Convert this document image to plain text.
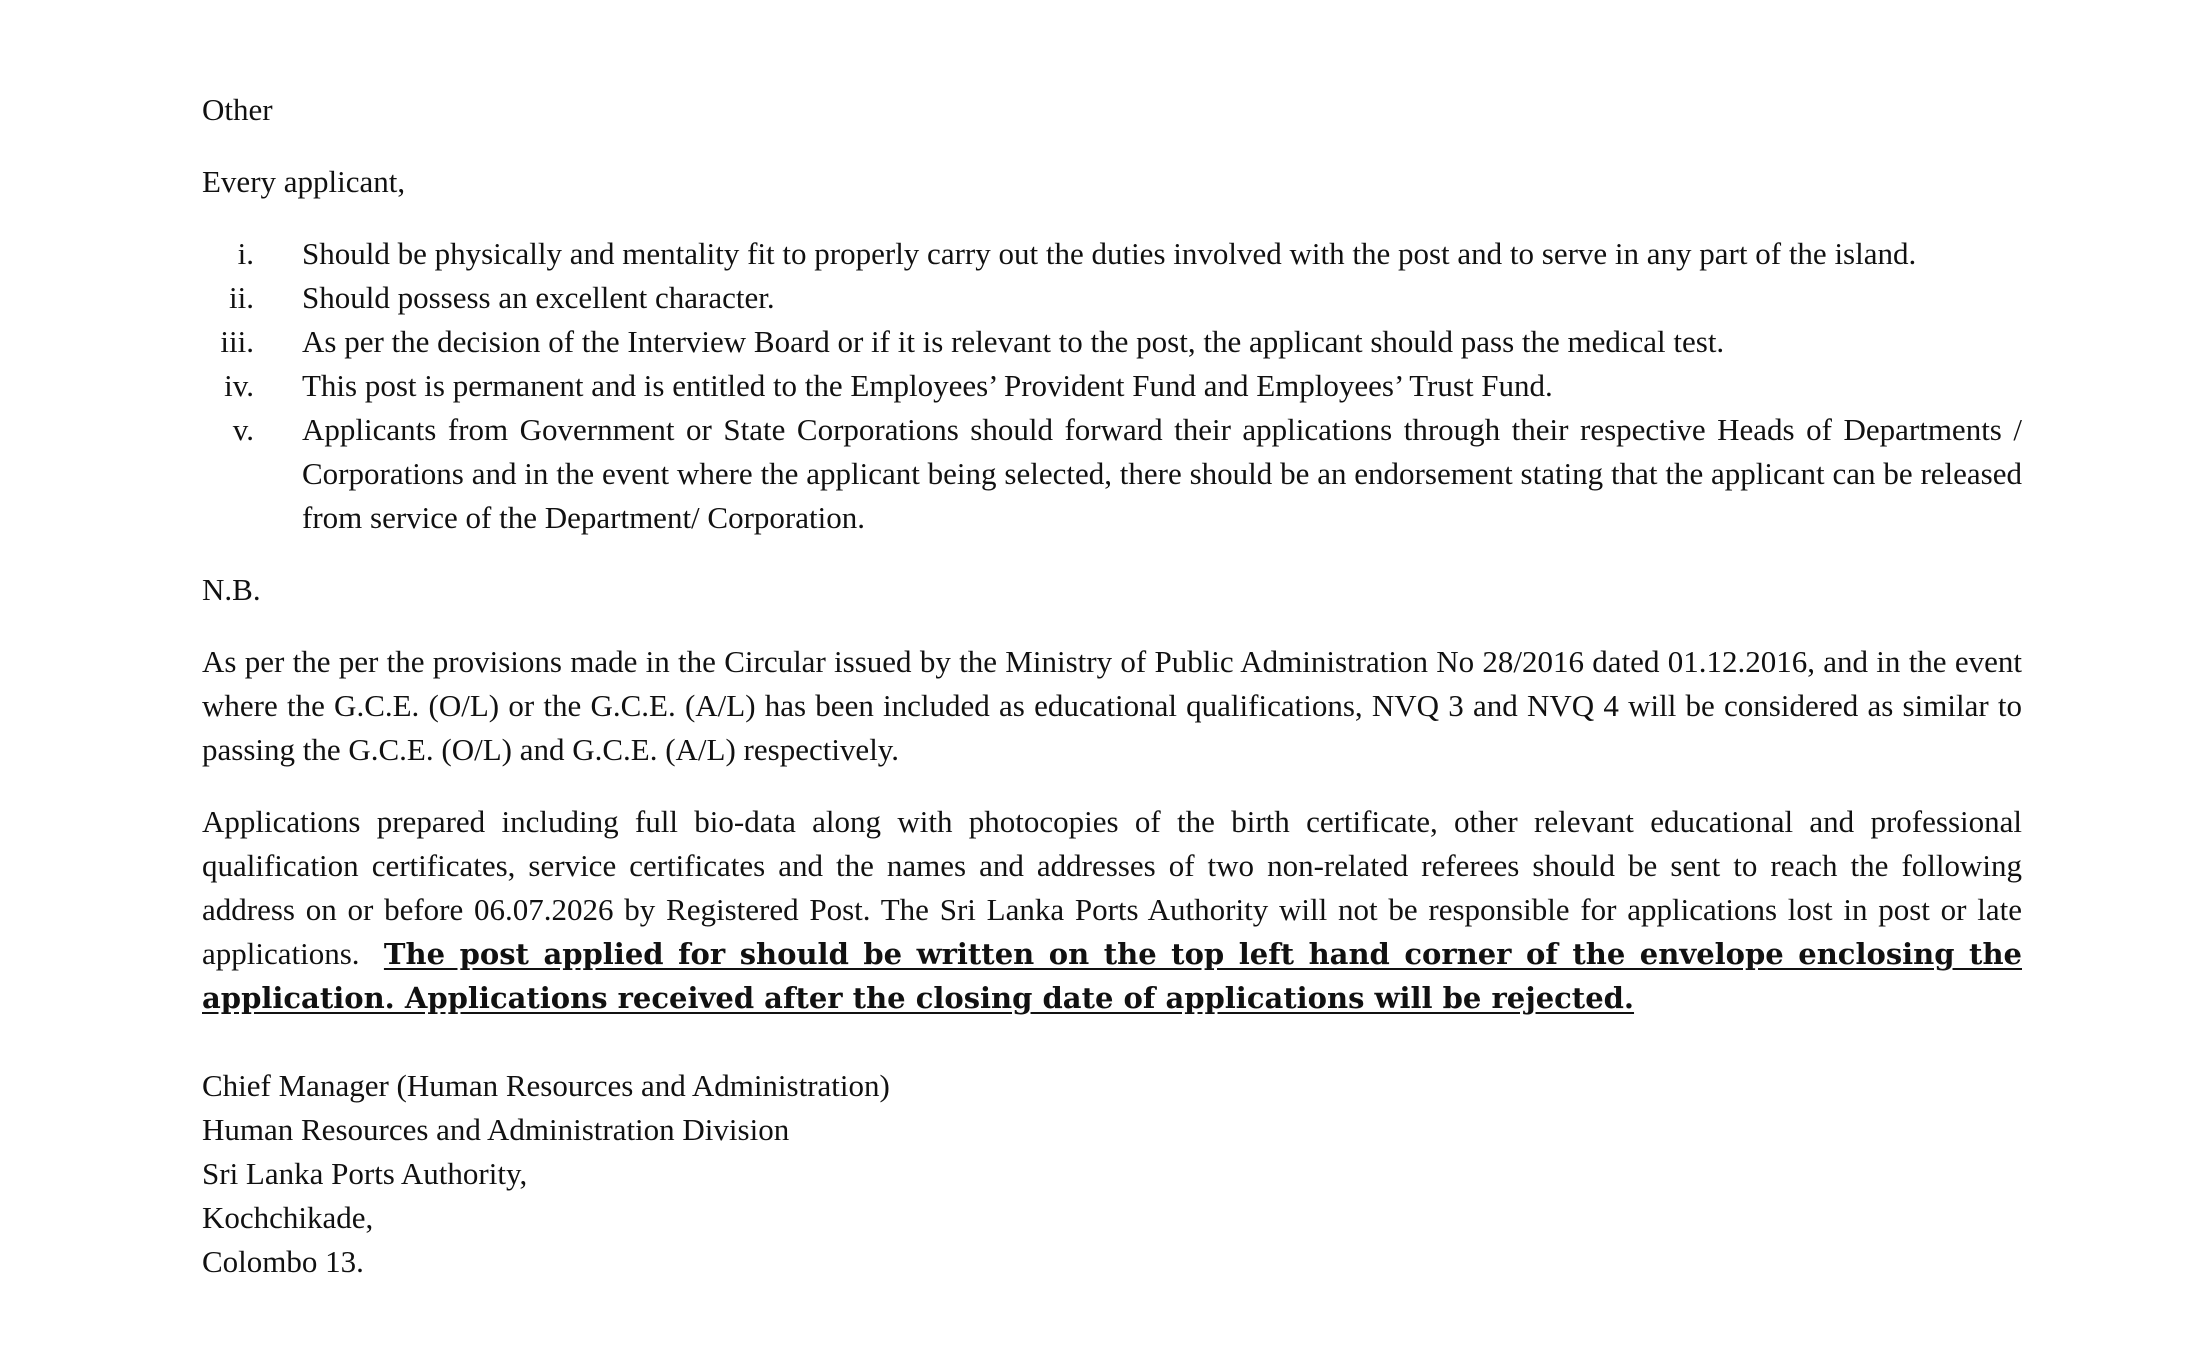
Other

Every applicant,

i. Should be physically and mentality fit to properly carry out the duties involved with the post and to serve in any part of the island.
ii. Should possess an excellent character.
iii. As per the decision of the Interview Board or if it is relevant to the post, the applicant should pass the medical test.
iv. This post is permanent and is entitled to the Employees’ Provident Fund and Employees’ Trust Fund.
v. Applicants from Government or State Corporations should forward their applications through their respective Heads of Departments / Corporations and in the event where the applicant being selected, there should be an endorsement stating that the applicant can be released from service of the Department/ Corporation.

N.B.

As per the per the provisions made in the Circular issued by the Ministry of Public Administration No 28/2016 dated 01.12.2016, and in the event where the G.C.E. (O/L) or the G.C.E. (A/L) has been included as educational qualifications, NVQ 3 and NVQ 4 will be considered as similar to passing the G.C.E. (O/L) and G.C.E. (A/L) respectively.

Applications prepared including full bio-data along with photocopies of the birth certificate, other relevant educational and professional qualification certificates, service certificates and the names and addresses of two non-related referees should be sent to reach the following address on or before 06.07.2026 by Registered Post. The Sri Lanka Ports Authority will not be responsible for applications lost in post or late applications. The post applied for should be written on the top left hand corner of the envelope enclosing the application. Applications received after the closing date of applications will be rejected.

Chief Manager (Human Resources and Administration)
Human Resources and Administration Division
Sri Lanka Ports Authority,
Kochchikade,
Colombo 13.
